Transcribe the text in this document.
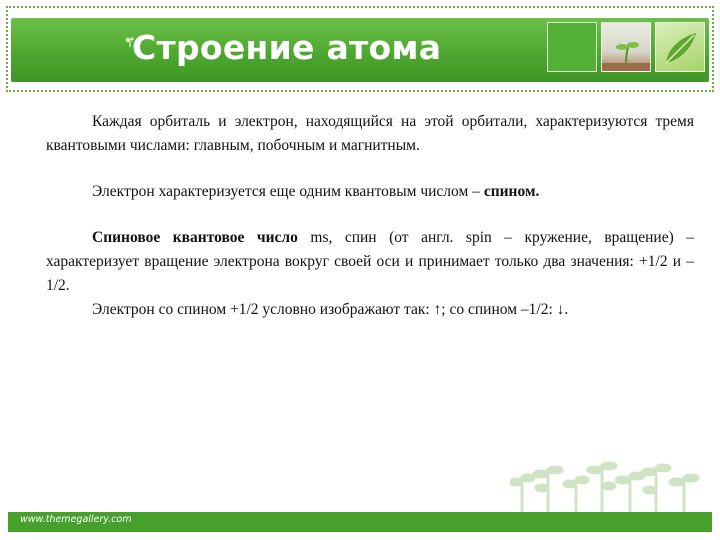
Строение атома

Каждая орбиталь и электрон, находящийся на этой орбитали, характеризуются тремя квантовыми числами: главным, побочным и магнитным.

Электрон характеризуется еще одним квантовым числом – спином.

Спиновое квантовое число ms, спин (от англ. spin – кружение, вращение) – характеризует вращение электрона вокруг своей оси и принимает только два значения: +1/2 и –1/2.

Электрон со спином +1/2 условно изображают так: ↑; со спином –1/2: ↓.

www.themegallery.com
